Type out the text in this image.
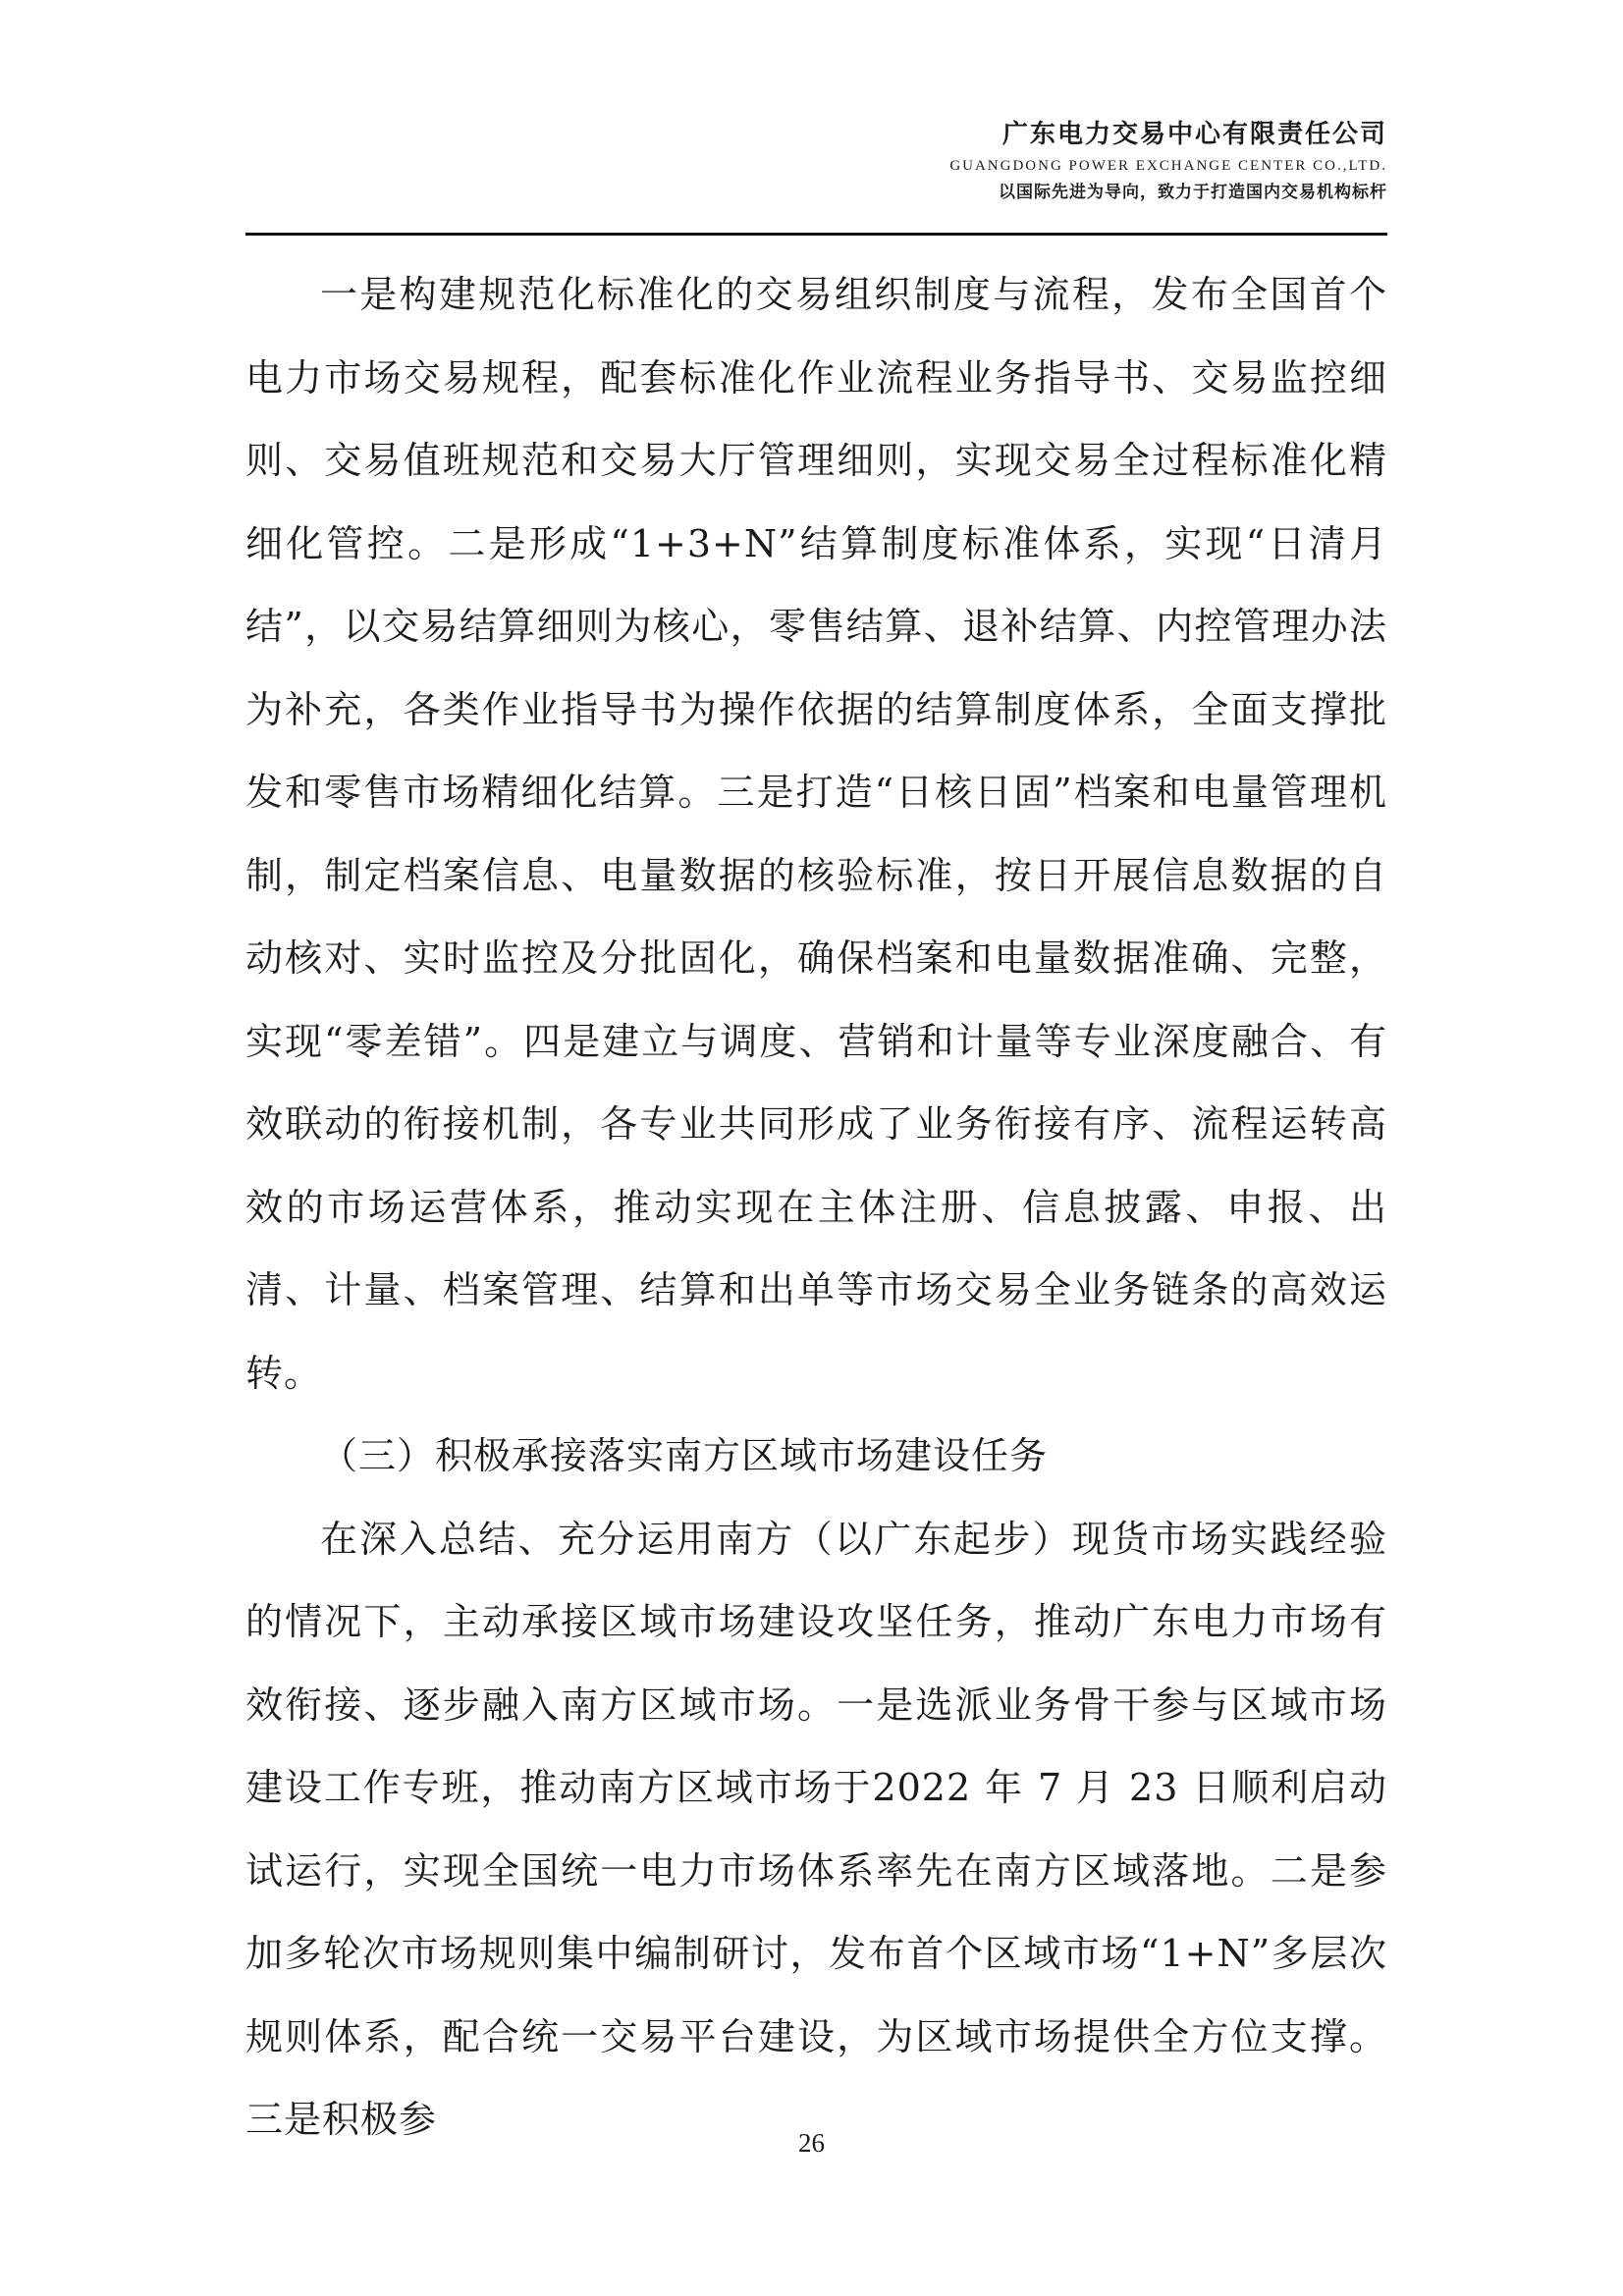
广东电力交易中心有限责任公司

GUANGDONG POWER EXCHANGE CENTER CO.,LTD.

以国际先进为导向，致力于打造国内交易机构标杆

一是构建规范化标准化的交易组织制度与流程，发布全国首个电力市场交易规程，配套标准化作业流程业务指导书、交易监控细则、交易值班规范和交易大厅管理细则，实现交易全过程标准化精细化管控。二是形成“1+3+N”结算制度标准体系，实现“日清月结”，以交易结算细则为核心，零售结算、退补结算、内控管理办法为补充，各类作业指导书为操作依据的结算制度体系，全面支撑批发和零售市场精细化结算。三是打造“日核日固”档案和电量管理机制，制定档案信息、电量数据的核验标准，按日开展信息数据的自动核对、实时监控及分批固化，确保档案和电量数据准确、完整，实现“零差错”。四是建立与调度、营销和计量等专业深度融合、有效联动的衔接机制，各专业共同形成了业务衔接有序、流程运转高效的市场运营体系，推动实现在主体注册、信息披露、申报、出清、计量、档案管理、结算和出单等市场交易全业务链条的高效运转。

（三）积极承接落实南方区域市场建设任务

在深入总结、充分运用南方（以广东起步）现货市场实践经验的情况下，主动承接区域市场建设攻坚任务，推动广东电力市场有效衔接、逐步融入南方区域市场。一是选派业务骨干参与区域市场建设工作专班，推动南方区域市场于2022 年 7 月 23 日顺利启动试运行，实现全国统一电力市场体系率先在南方区域落地。二是参加多轮次市场规则集中编制研讨，发布首个区域市场“1+N”多层次规则体系，配合统一交易平台建设，为区域市场提供全方位支撑。三是积极参

26
